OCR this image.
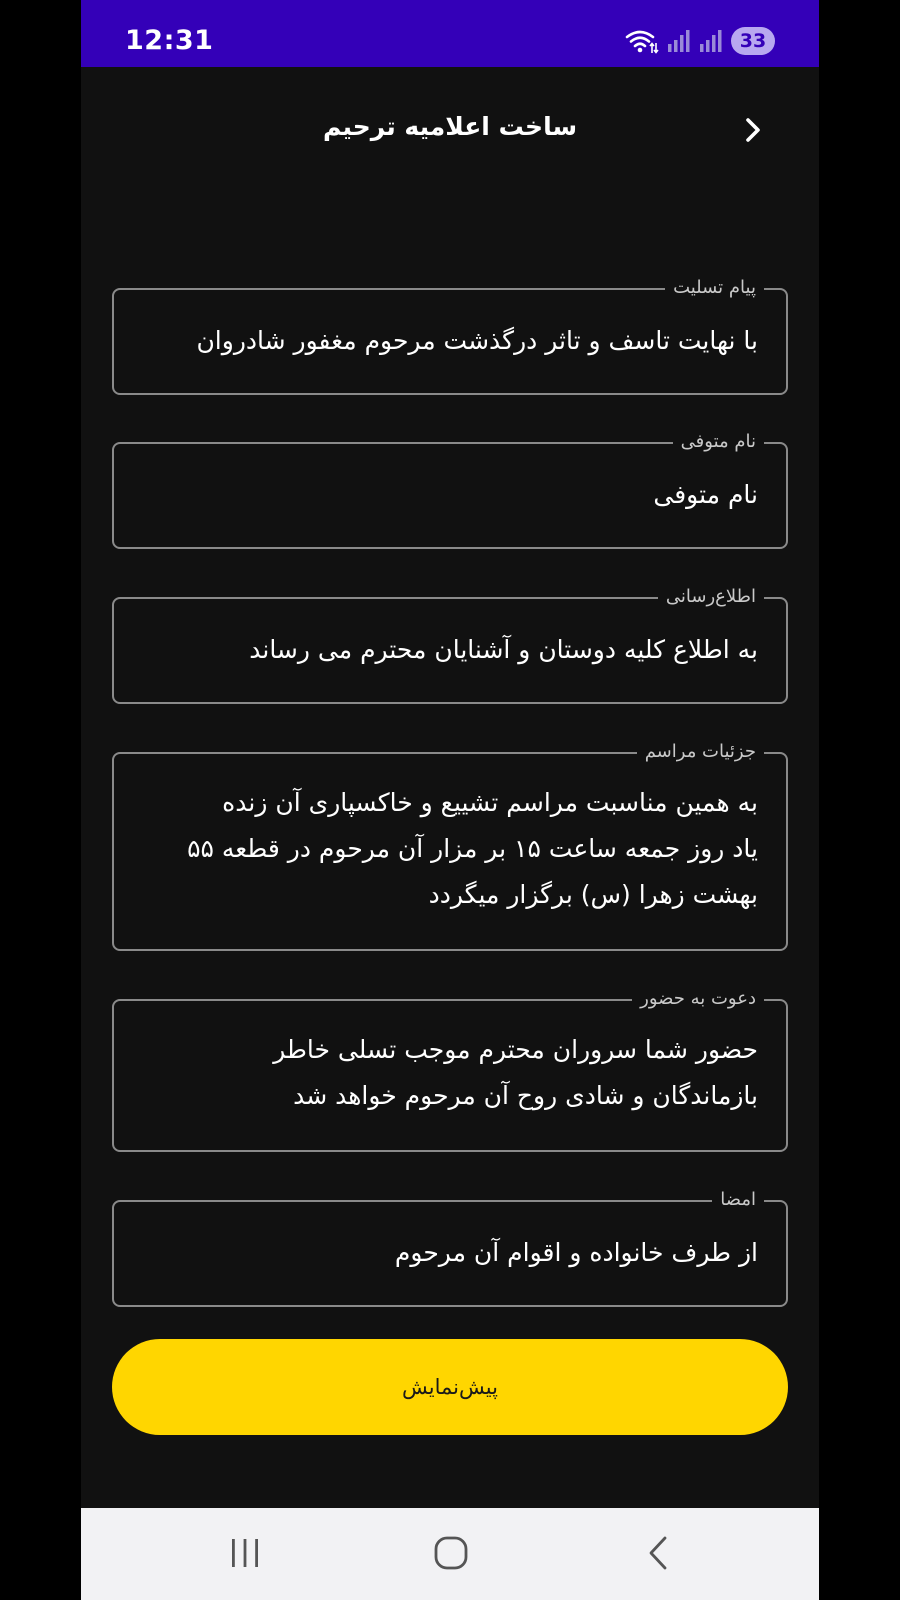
12:31	33
ساخت اعلامیه ترحیم
پیام تسلیت
با نهایت تاسف و تاثر درگذشت مرحوم مغفور شادروان
نام متوفی
نام متوفی
اطلاع‌رسانی
به اطلاع کلیه دوستان و آشنایان محترم می رساند
جزئیات مراسم
به همین مناسبت مراسم تشییع و خاکسپاری آن زنده
یاد روز جمعه ساعت ۱۵ بر مزار آن مرحوم در قطعه ۵۵
بهشت زهرا (س) برگزار میگردد
دعوت به حضور
حضور شما سروران محترم موجب تسلی خاطر
بازماندگان و شادی روح آن مرحوم خواهد شد
امضا
از طرف خانواده و اقوام آن مرحوم
پیش‌نمایش
